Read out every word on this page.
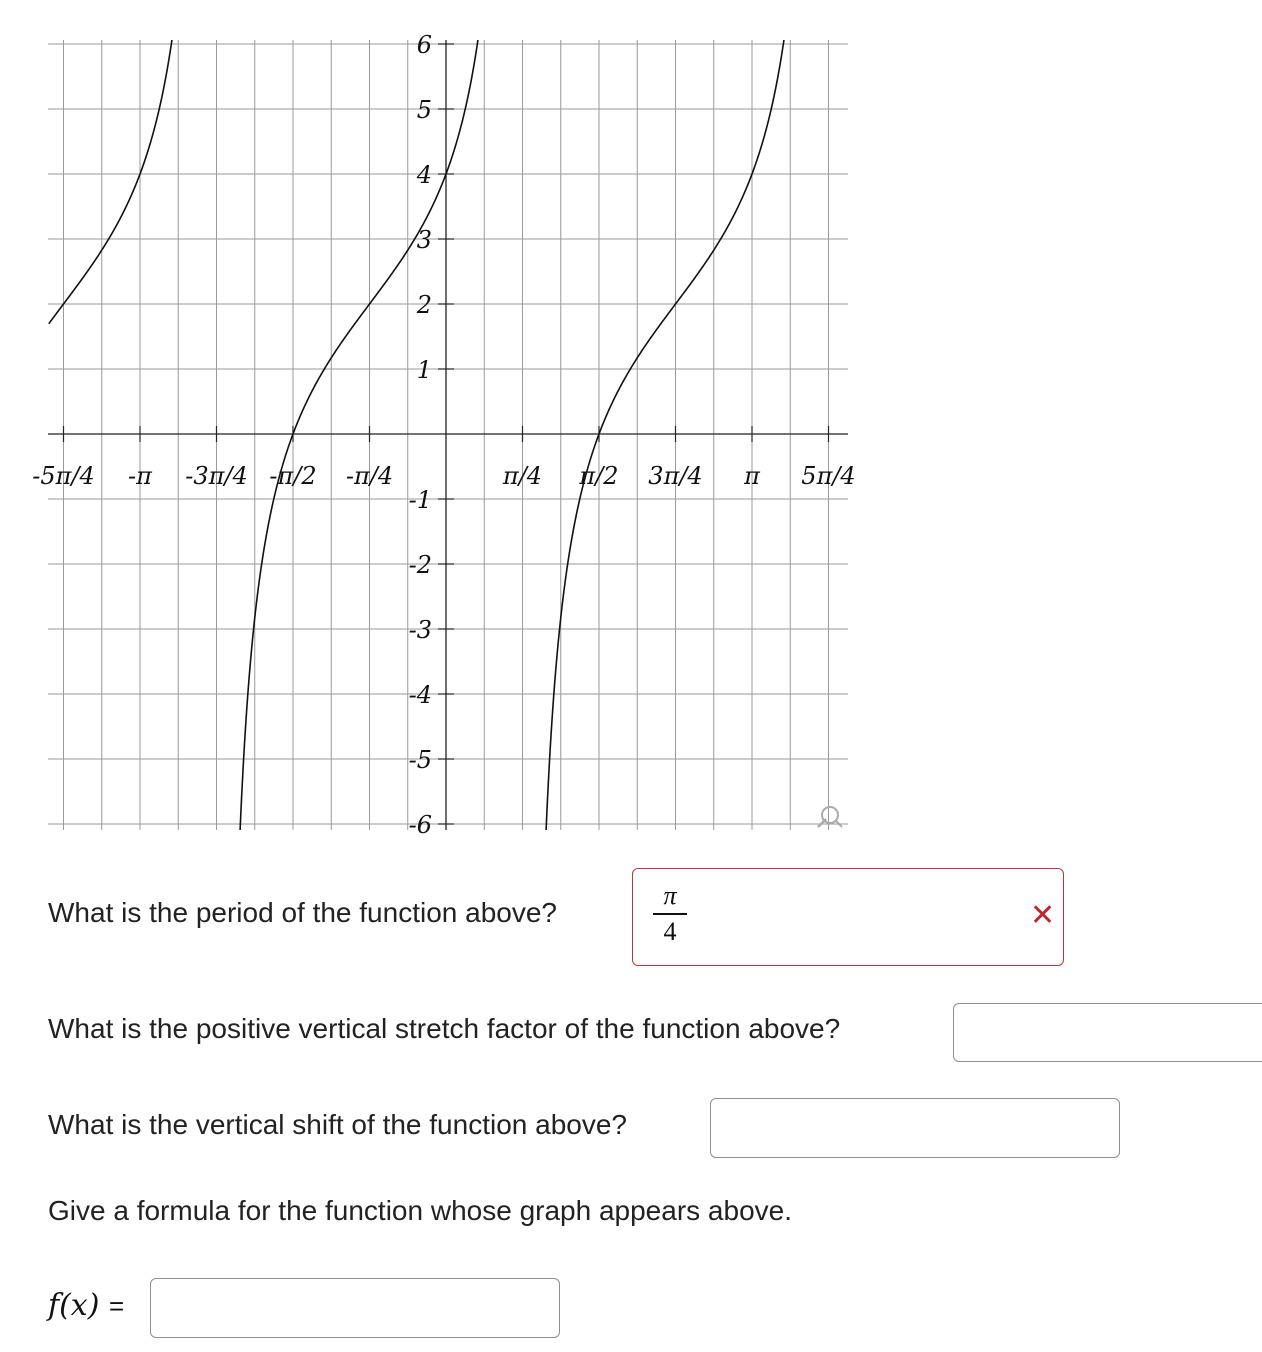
-5π/4 -π -3π/4 -π/2 -π/4	π/4 π/2 3π/4 π 5π/4
6
5
4
3
2
1
-1
-2
-3
-4
-5
-6
What is the period of the function above?
π
4	✕
What is the positive vertical stretch factor of the function above?
What is the vertical shift of the function above?
Give a formula for the function whose graph appears above.
f(x) =
